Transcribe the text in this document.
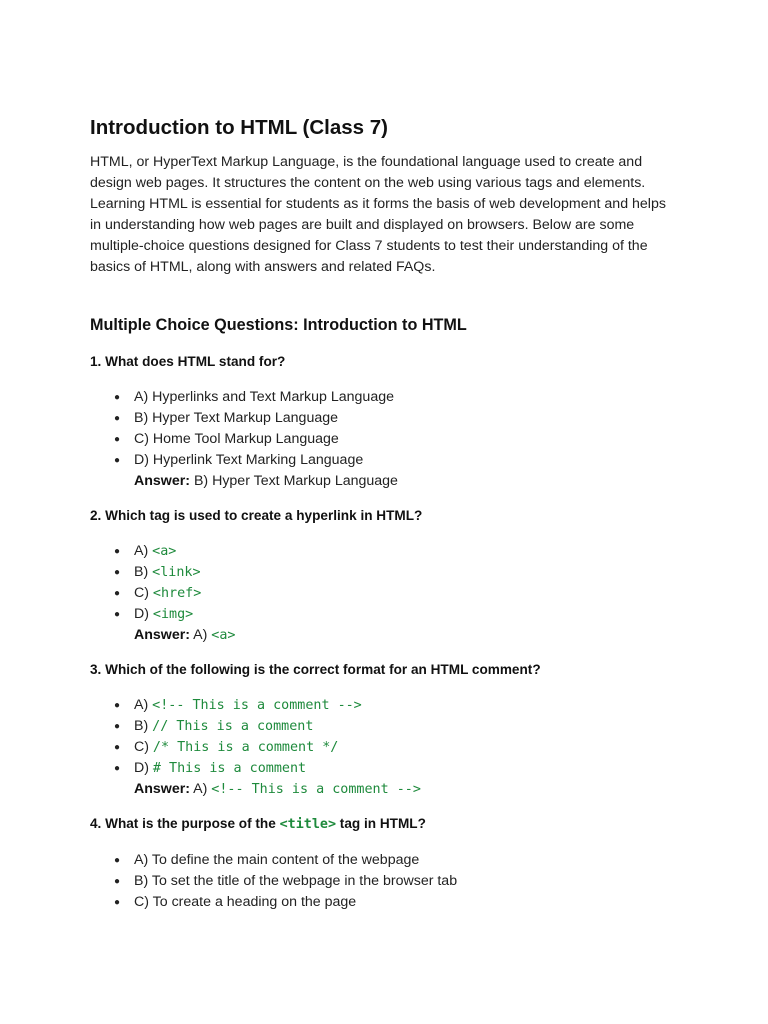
Introduction to HTML (Class 7)

HTML, or HyperText Markup Language, is the foundational language used to create and design web pages. It structures the content on the web using various tags and elements. Learning HTML is essential for students as it forms the basis of web development and helps in understanding how web pages are built and displayed on browsers. Below are some multiple-choice questions designed for Class 7 students to test their understanding of the basics of HTML, along with answers and related FAQs.

Multiple Choice Questions: Introduction to HTML
1. What does HTML stand for?
● A) Hyperlinks and Text Markup Language
● B) Hyper Text Markup Language
● C) Home Tool Markup Language
● D) Hyperlink Text Marking Language
Answer: B) Hyper Text Markup Language
2. Which tag is used to create a hyperlink in HTML?
● A) <a>
● B) <link>
● C) <href>
● D) <img>
Answer: A) <a>
3. Which of the following is the correct format for an HTML comment?
● A) <!-- This is a comment -->
● B) // This is a comment
● C) /* This is a comment */
● D) # This is a comment
Answer: A) <!-- This is a comment -->
4. What is the purpose of the <title> tag in HTML?
● A) To define the main content of the webpage
● B) To set the title of the webpage in the browser tab
● C) To create a heading on the page
